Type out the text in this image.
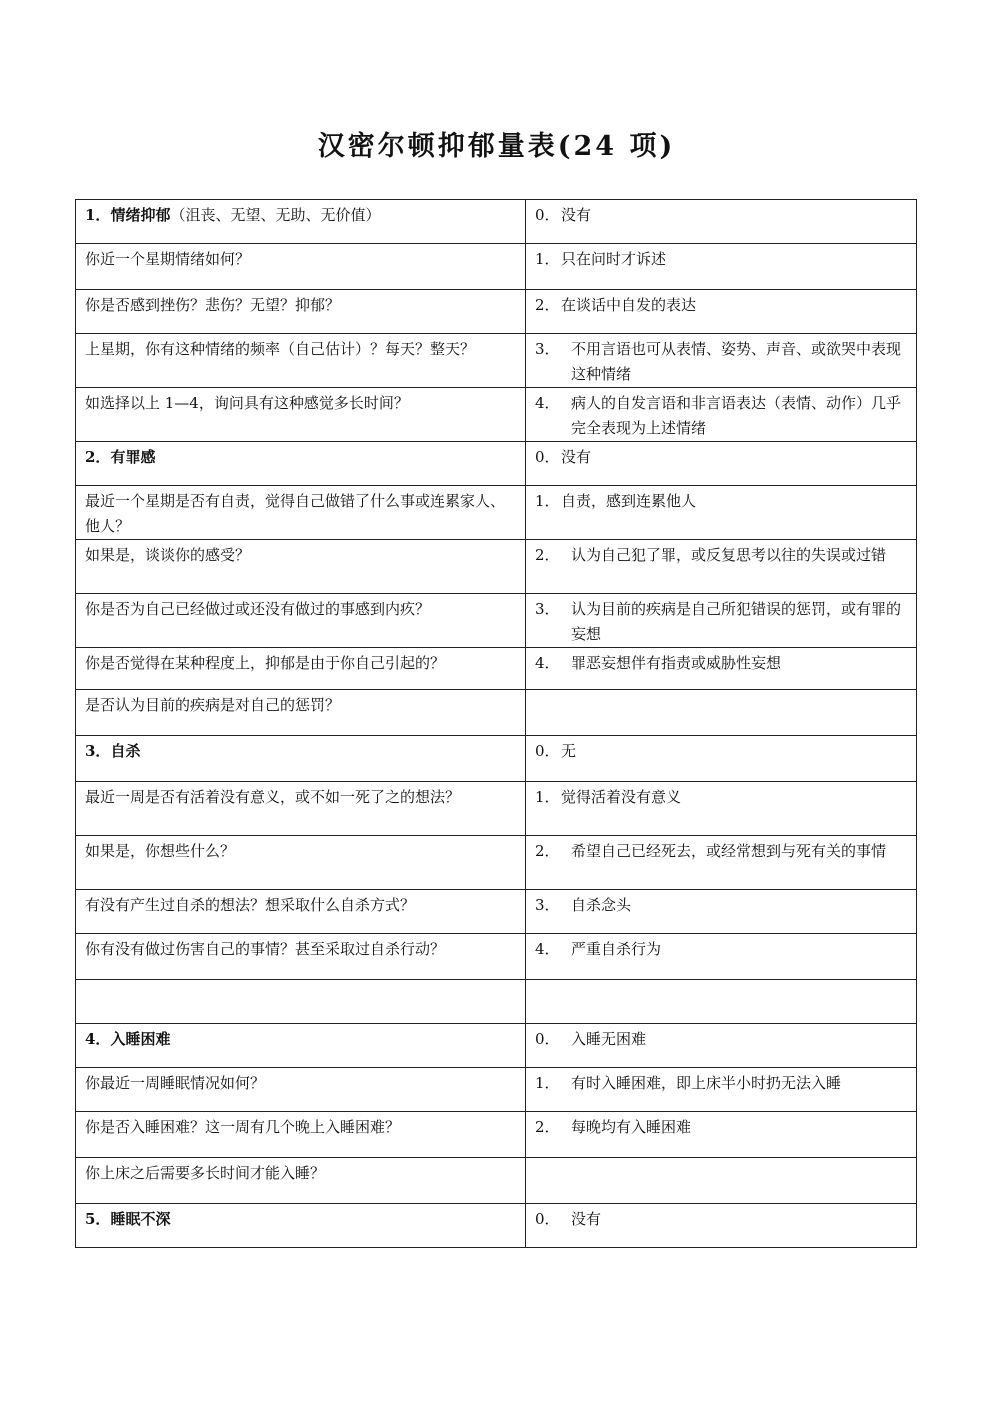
汉密尔顿抑郁量表(24 项)
1．情绪抑郁（沮丧、无望、无助、无价值）	0． 没有

你近一个星期情绪如何？	1． 只在问时才诉述

你是否感到挫伤？悲伤？无望？抑郁？	2． 在谈话中自发的表达

上星期，你有这种情绪的频率（自己估计）？每天？整天？	3． 不用言语也可从表情、姿势、声音、或欲哭中表现这种情绪

如选择以上 1—4，询问具有这种感觉多长时间？	4． 病人的自发言语和非言语表达（表情、动作）几乎完全表现为上述情绪

2．有罪感	0． 没有

最近一个星期是否有自责，觉得自己做错了什么事或连累家人、他人？	1． 自责，感到连累他人

如果是，谈谈你的感受？	2． 认为自己犯了罪，或反复思考以往的失误或过错

你是否为自己已经做过或还没有做过的事感到内疚？	3． 认为目前的疾病是自己所犯错误的惩罚，或有罪的妄想

你是否觉得在某种程度上，抑郁是由于你自己引起的？	4． 罪恶妄想伴有指责或威胁性妄想

是否认为目前的疾病是对自己的惩罚？	
3．自杀	0． 无

最近一周是否有活着没有意义，或不如一死了之的想法？	1． 觉得活着没有意义

如果是，你想些什么？	2． 希望自己已经死去，或经常想到与死有关的事情

有没有产生过自杀的想法？想采取什么自杀方式？	3． 自杀念头

你有没有做过伤害自己的事情？甚至采取过自杀行动？	4． 严重自杀行为

4．入睡困难	0． 入睡无困难

你最近一周睡眠情况如何？	1． 有时入睡困难，即上床半小时扔无法入睡

你是否入睡困难？这一周有几个晚上入睡困难？	2． 每晚均有入睡困难

你上床之后需要多长时间才能入睡？	
5．睡眠不深	0． 没有
